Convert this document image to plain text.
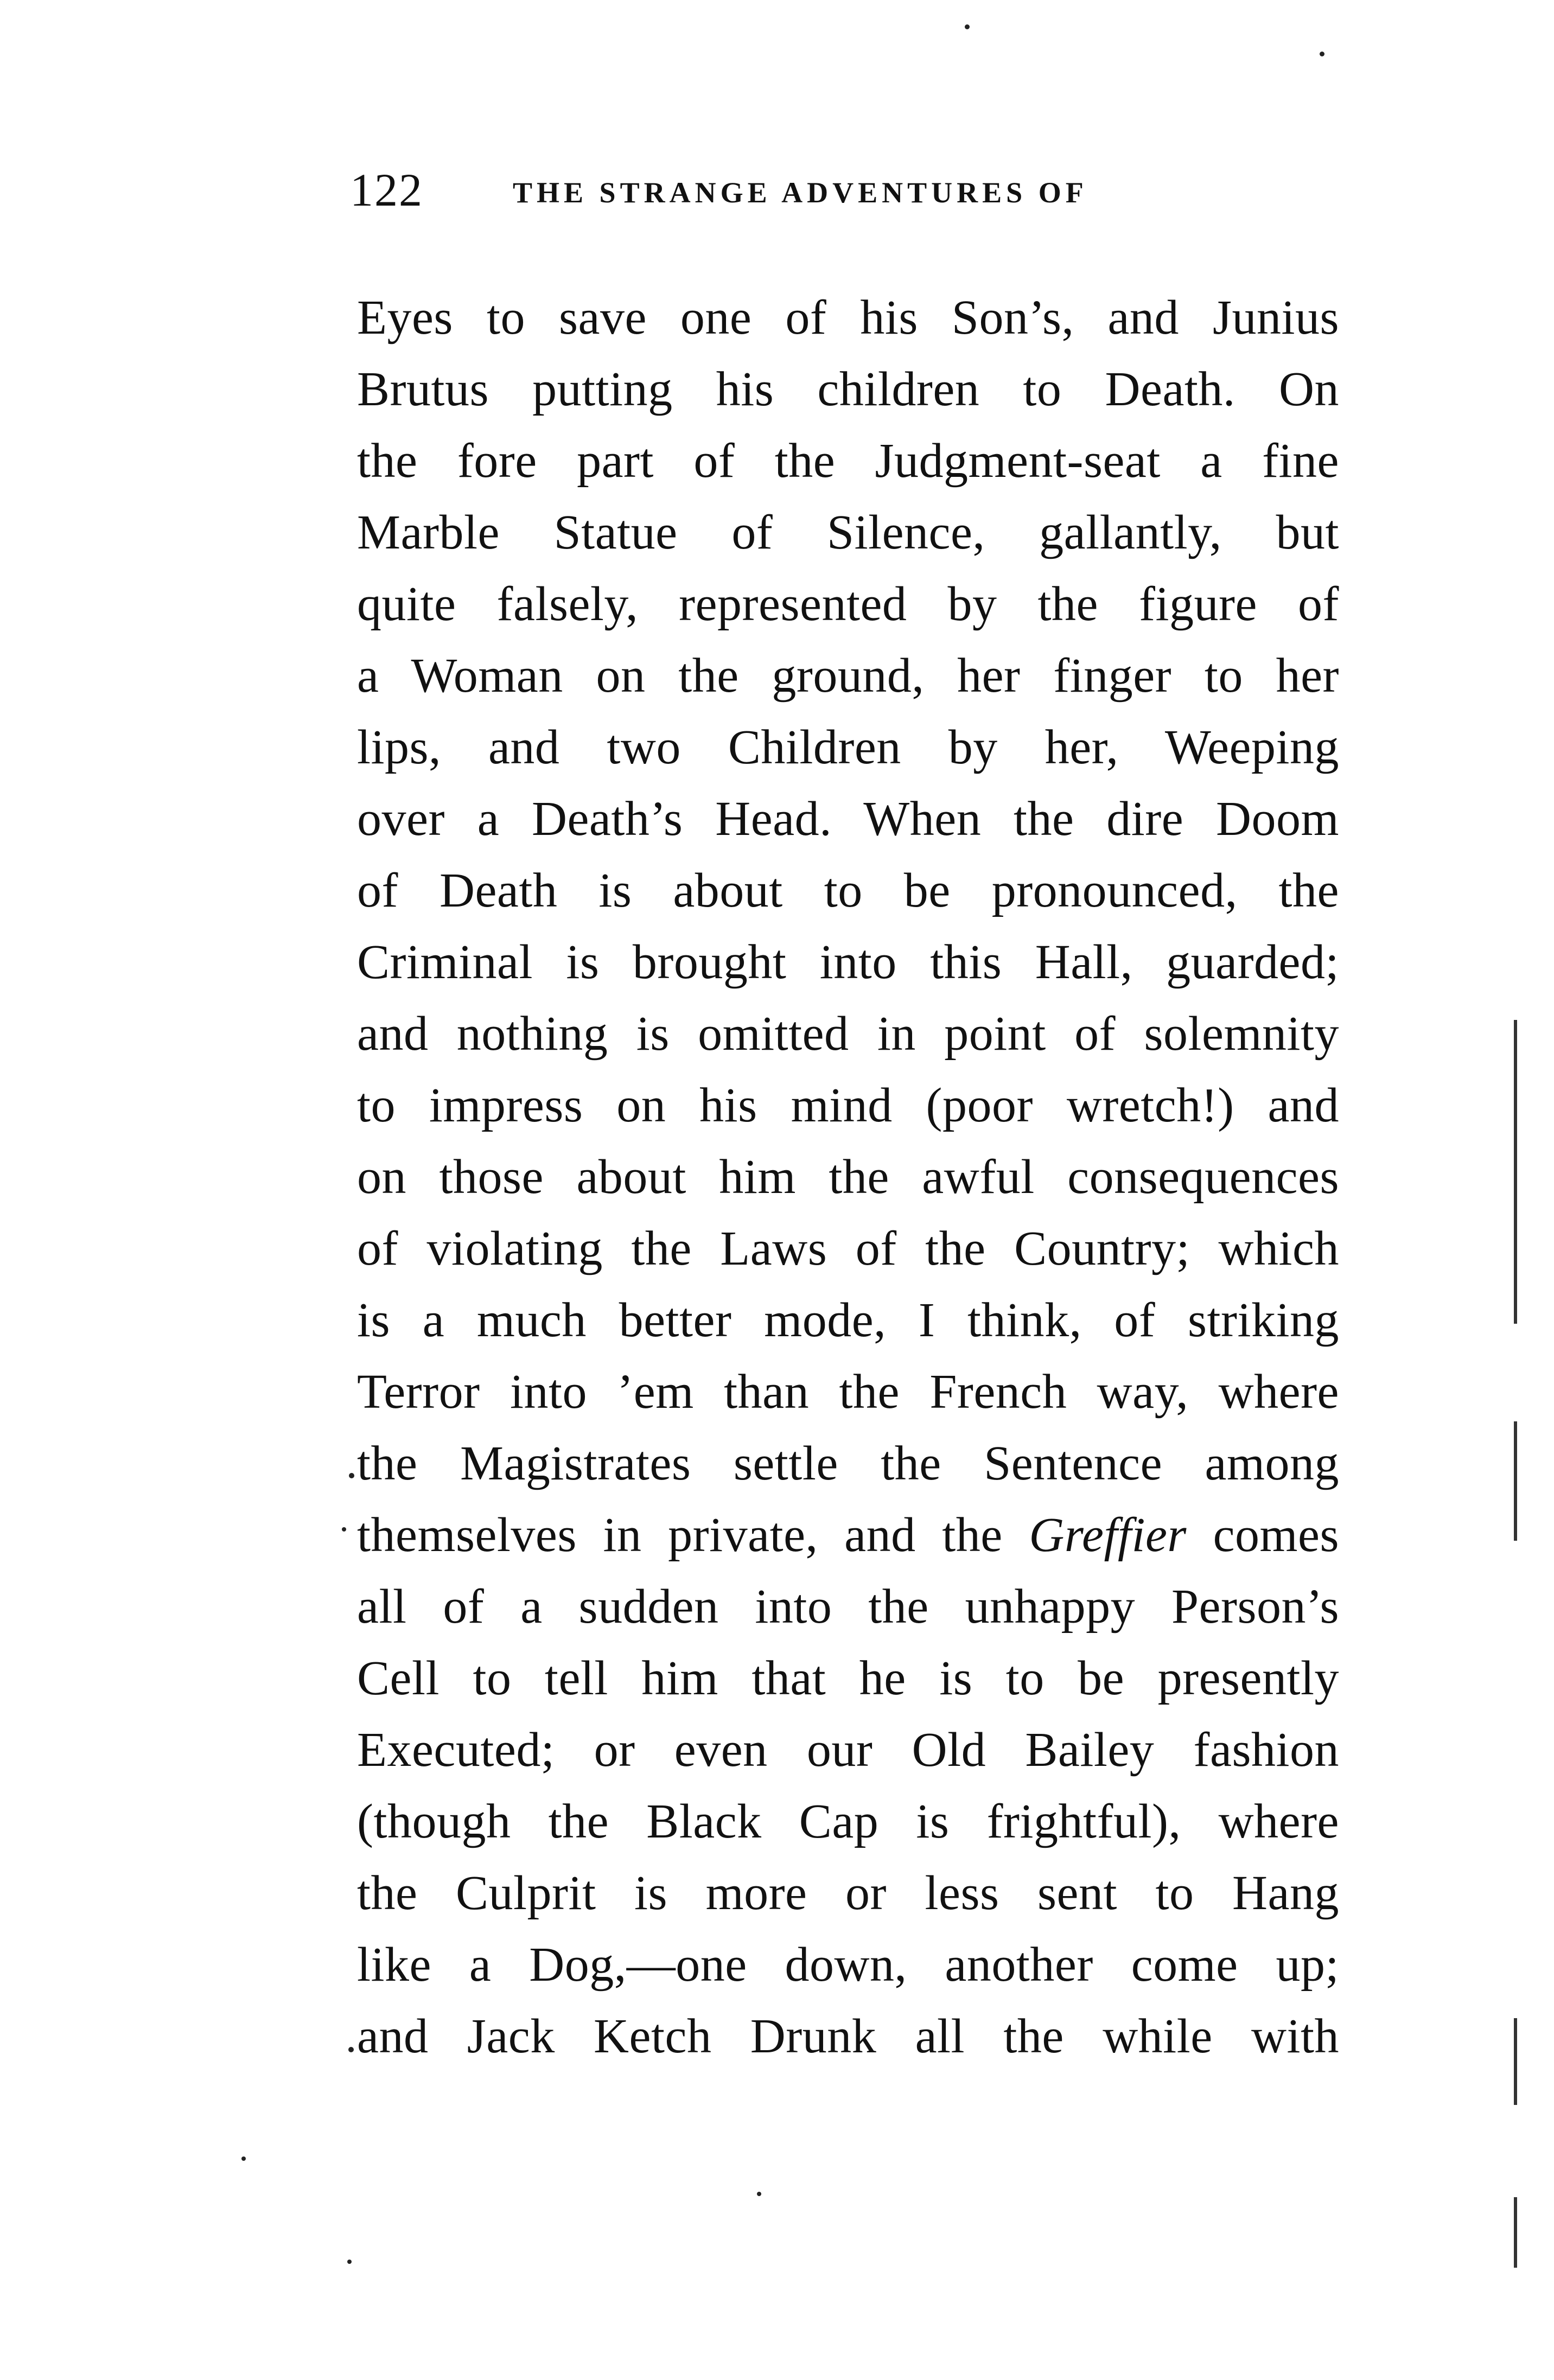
122	THE STRANGE ADVENTURES OF
Eyes to save one of his Son’s, and Junius
Brutus putting his children to Death. On
the fore part of the Judgment-seat a fine
Marble Statue of Silence, gallantly, but
quite falsely, represented by the figure of
a Woman on the ground, her finger to her
lips, and two Children by her, Weeping
over a Death’s Head. When the dire Doom
of Death is about to be pronounced, the
Criminal is brought into this Hall, guarded;
and nothing is omitted in point of solemnity
to impress on his mind (poor wretch!) and
on those about him the awful consequences
of violating the Laws of the Country; which
is a much better mode, I think, of striking
Terror into ’em than the French way, where
the Magistrates settle the Sentence among
themselves in private, and the Greffier comes
all of a sudden into the unhappy Person’s
Cell to tell him that he is to be presently
Executed; or even our Old Bailey fashion
(though the Black Cap is frightful), where
the Culprit is more or less sent to Hang
like a Dog,—one down, another come up;
and Jack Ketch Drunk all the while with
